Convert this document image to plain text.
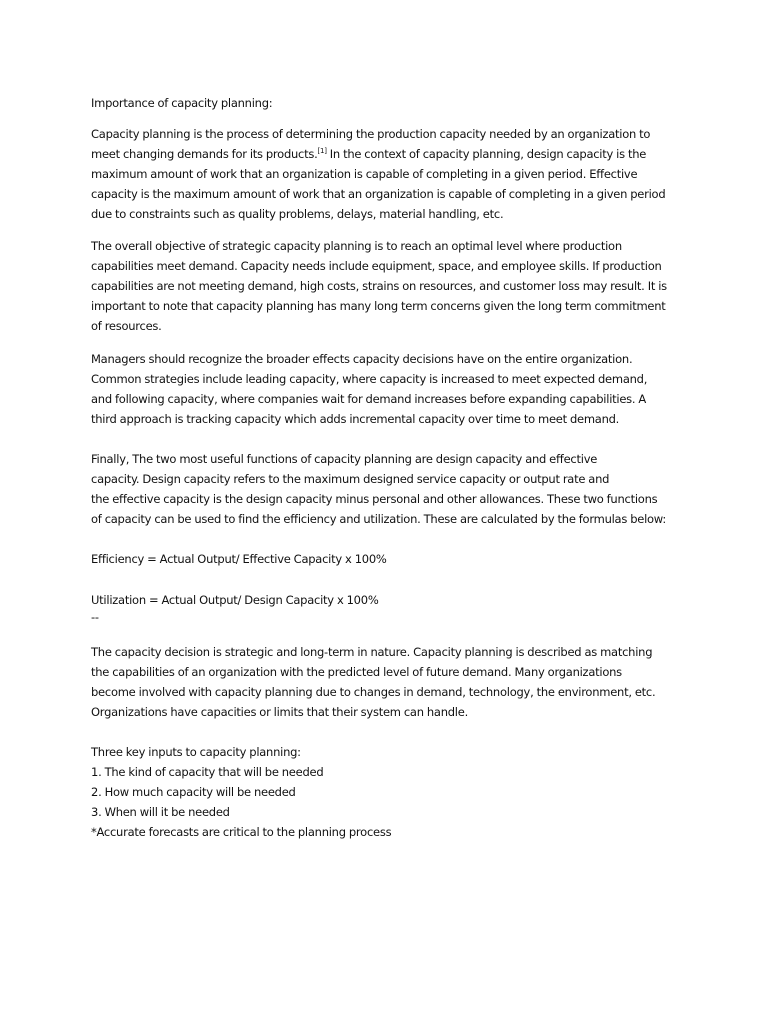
Importance of capacity planning:
Capacity planning is the process of determining the production capacity needed by an organization to
meet changing demands for its products.[1] In the context of capacity planning, design capacity is the
maximum amount of work that an organization is capable of completing in a given period. Effective
capacity is the maximum amount of work that an organization is capable of completing in a given period
due to constraints such as quality problems, delays, material handling, etc.
The overall objective of strategic capacity planning is to reach an optimal level where production
capabilities meet demand. Capacity needs include equipment, space, and employee skills. If production
capabilities are not meeting demand, high costs, strains on resources, and customer loss may result. It is
important to note that capacity planning has many long term concerns given the long term commitment
of resources.
Managers should recognize the broader effects capacity decisions have on the entire organization.
Common strategies include leading capacity, where capacity is increased to meet expected demand,
and following capacity, where companies wait for demand increases before expanding capabilities. A
third approach is tracking capacity which adds incremental capacity over time to meet demand.
Finally, The two most useful functions of capacity planning are design capacity and effective
capacity. Design capacity refers to the maximum designed service capacity or output rate and
the effective capacity is the design capacity minus personal and other allowances. These two functions
of capacity can be used to find the efficiency and utilization. These are calculated by the formulas below:
Efficiency = Actual Output/ Effective Capacity x 100%
Utilization = Actual Output/ Design Capacity x 100%
--
The capacity decision is strategic and long-term in nature. Capacity planning is described as matching
the capabilities of an organization with the predicted level of future demand. Many organizations
become involved with capacity planning due to changes in demand, technology, the environment, etc.
Organizations have capacities or limits that their system can handle.
Three key inputs to capacity planning:
1. The kind of capacity that will be needed
2. How much capacity will be needed
3. When will it be needed
*Accurate forecasts are critical to the planning process
